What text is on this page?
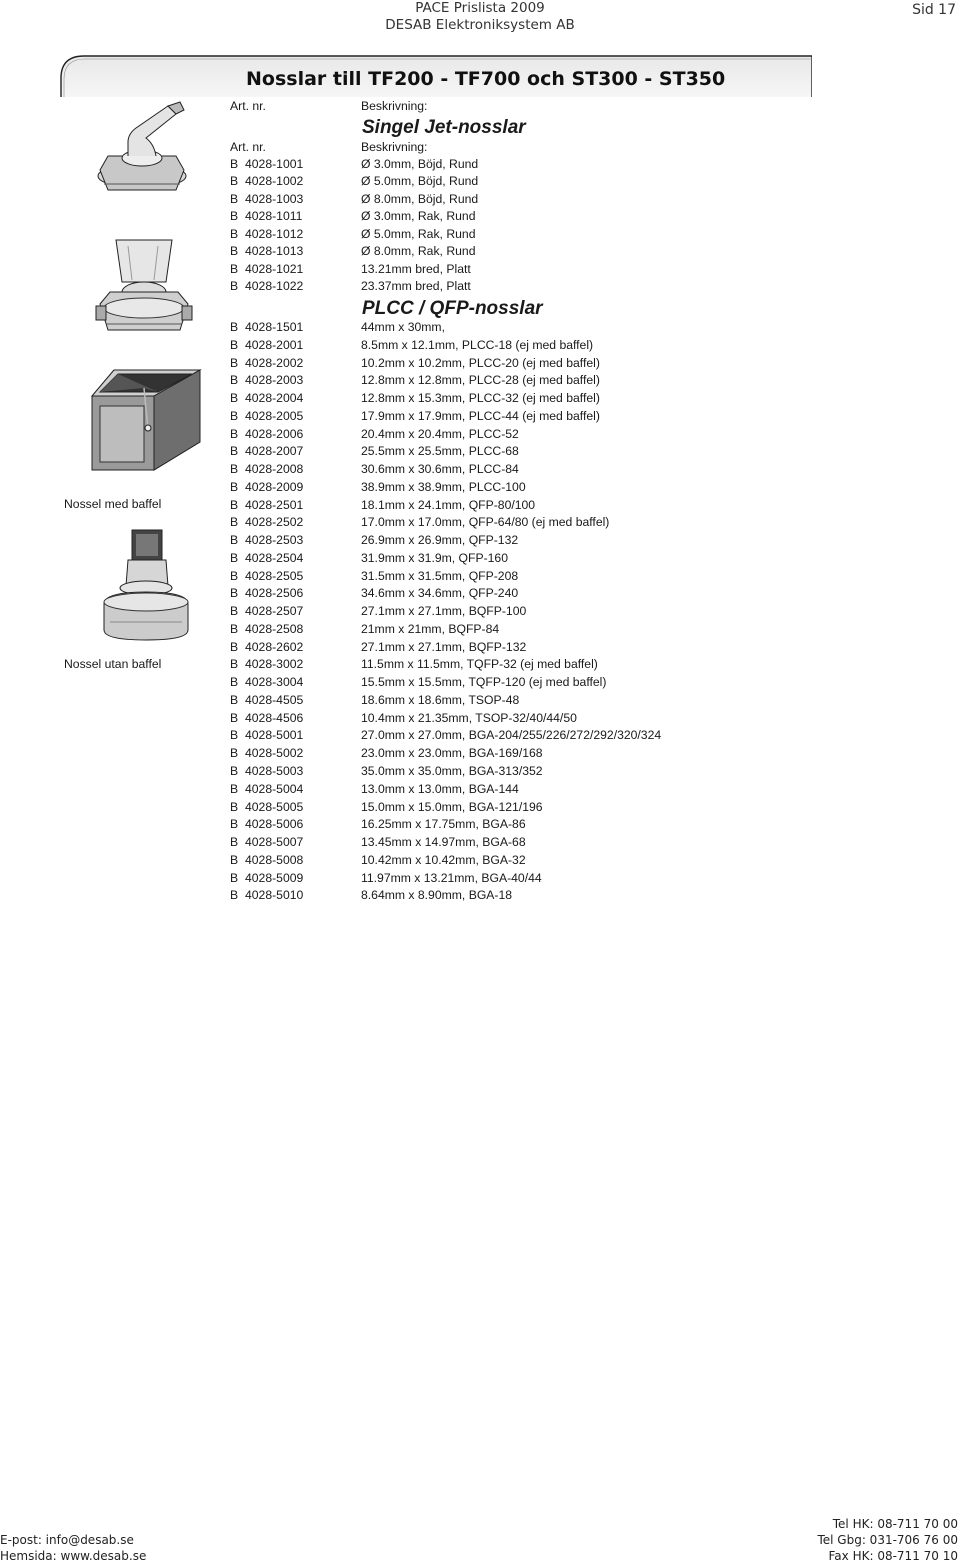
PACE Prislista 2009
DESAB Elektroniksystem AB
Sid 17
Nosslar till TF200 - TF700 och ST300 - ST350
Art. nr.	Beskrivning:
Singel Jet-nosslar
Art. nr.	Beskrivning:
B 4028-1001	Ø 3.0mm, Böjd, Rund
B 4028-1002	Ø 5.0mm, Böjd, Rund
B 4028-1003	Ø 8.0mm, Böjd, Rund
B 4028-1011	Ø 3.0mm, Rak, Rund
B 4028-1012	Ø 5.0mm, Rak, Rund
B 4028-1013	Ø 8.0mm, Rak, Rund
B 4028-1021	13.21mm bred, Platt
B 4028-1022	23.37mm bred, Platt
PLCC / QFP-nosslar
B 4028-1501	44mm x 30mm,
B 4028-2001	8.5mm x 12.1mm, PLCC-18 (ej med baffel)
B 4028-2002	10.2mm x 10.2mm, PLCC-20 (ej med baffel)
B 4028-2003	12.8mm x 12.8mm, PLCC-28 (ej med baffel)
B 4028-2004	12.8mm x 15.3mm, PLCC-32 (ej med baffel)
B 4028-2005	17.9mm x 17.9mm, PLCC-44 (ej med baffel)
B 4028-2006	20.4mm x 20.4mm, PLCC-52
B 4028-2007	25.5mm x 25.5mm, PLCC-68
B 4028-2008	30.6mm x 30.6mm, PLCC-84
B 4028-2009	38.9mm x 38.9mm, PLCC-100
B 4028-2501	18.1mm x 24.1mm, QFP-80/100
B 4028-2502	17.0mm x 17.0mm, QFP-64/80 (ej med baffel)
B 4028-2503	26.9mm x 26.9mm, QFP-132
B 4028-2504	31.9mm x 31.9m, QFP-160
B 4028-2505	31.5mm x 31.5mm, QFP-208
B 4028-2506	34.6mm x 34.6mm, QFP-240
B 4028-2507	27.1mm x 27.1mm, BQFP-100
B 4028-2508	21mm x 21mm, BQFP-84
B 4028-2602	27.1mm x 27.1mm, BQFP-132
B 4028-3002	11.5mm x 11.5mm, TQFP-32 (ej med baffel)
B 4028-3004	15.5mm x 15.5mm, TQFP-120 (ej med baffel)
B 4028-4505	18.6mm x 18.6mm, TSOP-48
B 4028-4506	10.4mm x 21.35mm, TSOP-32/40/44/50
B 4028-5001	27.0mm x 27.0mm, BGA-204/255/226/272/292/320/324
B 4028-5002	23.0mm x 23.0mm, BGA-169/168
B 4028-5003	35.0mm x 35.0mm, BGA-313/352
B 4028-5004	13.0mm x 13.0mm, BGA-144
B 4028-5005	15.0mm x 15.0mm, BGA-121/196
B 4028-5006	16.25mm x 17.75mm, BGA-86
B 4028-5007	13.45mm x 14.97mm, BGA-68
B 4028-5008	10.42mm x 10.42mm, BGA-32
B 4028-5009	11.97mm x 13.21mm, BGA-40/44
B 4028-5010	8.64mm x 8.90mm, BGA-18
Nossel med baffel
Nossel utan baffel
E-post: info@desab.se
Hemsida: www.desab.se
Tel HK: 08-711 70 00
Tel Gbg: 031-706 76 00
Fax HK: 08-711 70 10
